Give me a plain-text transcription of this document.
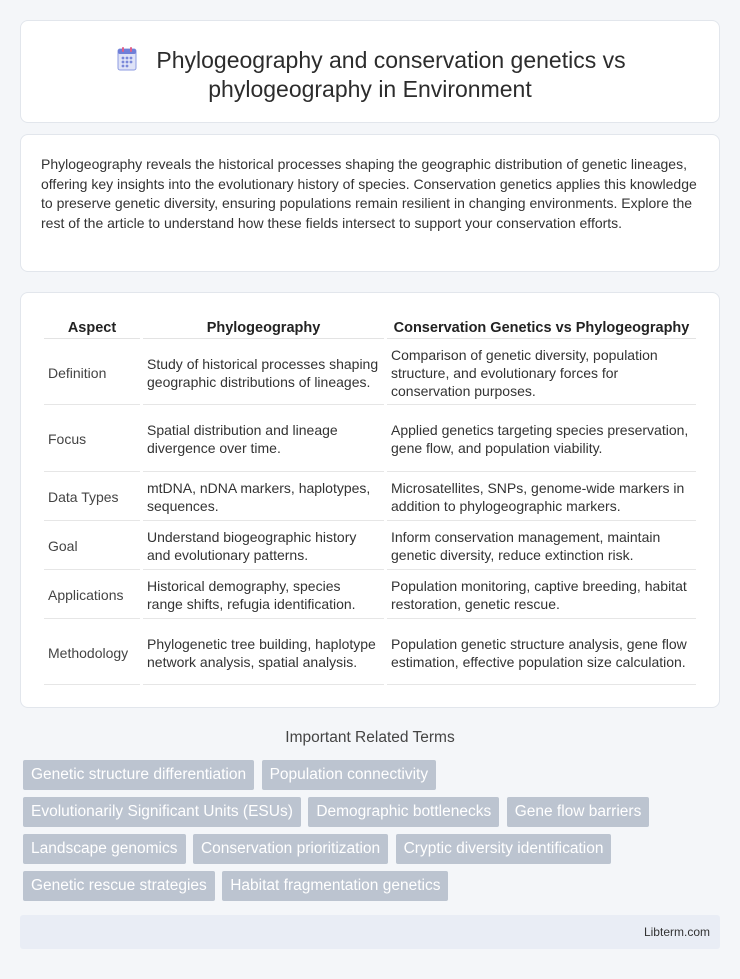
Phylogeography and conservation genetics vs
phylogeography in Environment

Phylogeography reveals the historical processes shaping the geographic distribution of genetic lineages, offering key insights into the evolutionary history of species. Conservation genetics applies this knowledge to preserve genetic diversity, ensuring populations remain resilient in changing environments. Explore the rest of the article to understand how these fields intersect to support your conservation efforts.

Aspect	Phylogeography	Conservation Genetics vs Phylogeography
Definition	Study of historical processes shaping geographic distributions of lineages.	Comparison of genetic diversity, population structure, and evolutionary forces for conservation purposes.
Focus	Spatial distribution and lineage divergence over time.	Applied genetics targeting species preservation, gene flow, and population viability.
Data Types	mtDNA, nDNA markers, haplotypes, sequences.	Microsatellites, SNPs, genome-wide markers in addition to phylogeographic markers.
Goal	Understand biogeographic history and evolutionary patterns.	Inform conservation management, maintain genetic diversity, reduce extinction risk.
Applications	Historical demography, species range shifts, refugia identification.	Population monitoring, captive breeding, habitat restoration, genetic rescue.
Methodology	Phylogenetic tree building, haplotype network analysis, spatial analysis.	Population genetic structure analysis, gene flow estimation, effective population size calculation.
Important Related Terms
Genetic structure differentiation Population connectivity
Evolutionarily Significant Units (ESUs) Demographic bottlenecks Gene flow barriers
Landscape genomics Conservation prioritization Cryptic diversity identification
Genetic rescue strategies Habitat fragmentation genetics
Libterm.com
